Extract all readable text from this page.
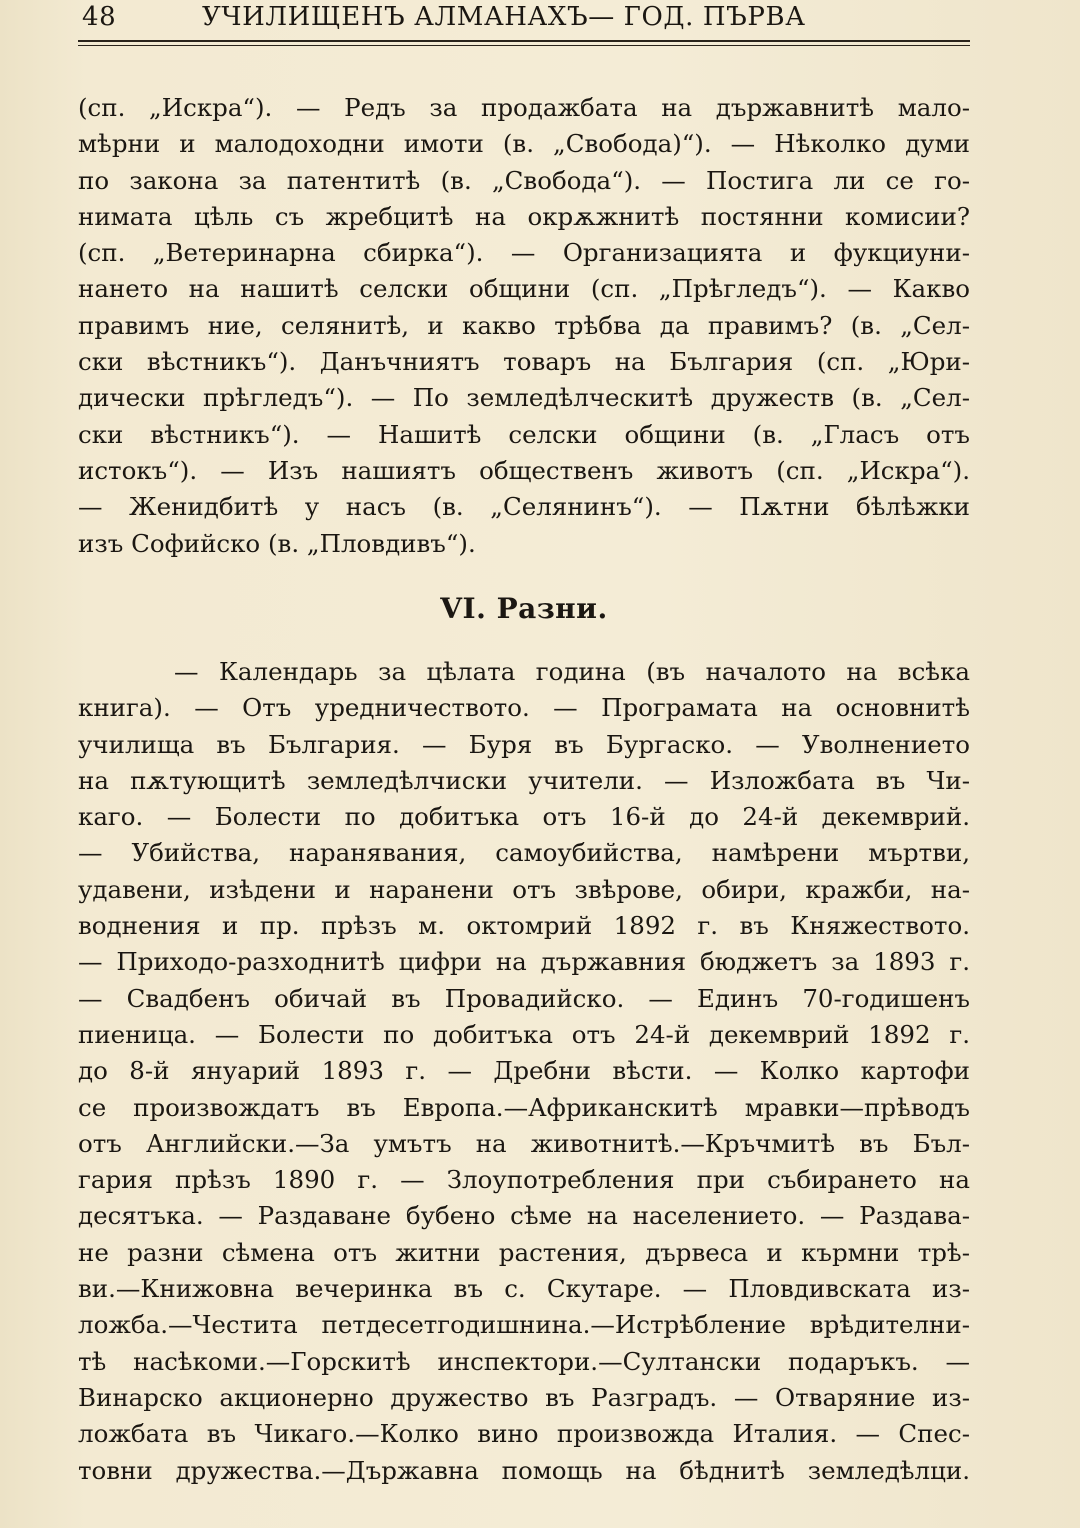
48	УЧИЛИЩЕНЪ АЛМАНАХЪ— ГОД. ПЪРВА
(сп. „Искра“). — Редъ за продажбата на държавнитѣ мало-
мѣрни и малодоходни имоти (в. „Свобода)“). — Нѣколко думи
по закона за патентитѣ (в. „Свобода“). — Постига ли се го-
нимата цѣль съ жребцитѣ на окрѫжнитѣ постянни комисии?
(сп. „Ветеринарна сбирка“). — Организацията и фукциуни-
нането на нашитѣ селски общини (сп. „Прѣгледъ“). — Какво
правимъ ние, селянитѣ, и какво трѣбва да правимъ? (в. „Сел-
ски вѣстникъ“). Данъчниятъ товаръ на България (сп. „Юри-
дически прѣгледъ“). — По земледѣлческитѣ дружеств (в. „Сел-
ски вѣстникъ“). — Нашитѣ селски общини (в. „Гласъ отъ
истокъ“). — Изъ нашиятъ общественъ животъ (сп. „Искра“).
— Женидбитѣ у насъ (в. „Селянинъ“). — Пѫтни бѣлѣжки
изъ Софийско (в. „Пловдивъ“).
VI. Разни.
— Календарь за цѣлата година (въ началото на всѣка
книга). — Отъ уредничеството. — Програмата на основнитѣ
училища въ България. — Буря въ Бургаско. — Уволнението
на пѫтующитѣ земледѣлчиски учители. — Изложбата въ Чи-
каго. — Болести по добитъка отъ 16-й до 24-й декемврий.
— Убийства, наранявания, самоубийства, намѣрени мъртви,
удавени, изѣдени и наранени отъ звѣрове, обири, кражби, на-
воднения и пр. прѣзъ м. октомрий 1892 г. въ Княжеството.
— Приходо-разходнитѣ цифри на държавния бюджетъ за 1893 г.
— Свадбенъ обичай въ Провадийско. — Единъ 70-годишенъ
пиеница. — Болести по добитъка отъ 24-й декемврий 1892 г.
до 8-й януарий 1893 г. — Дребни вѣсти. — Колко картофи
се произвождатъ въ Европа.—Африканскитѣ мравки—прѣводъ
отъ Английски.—За умътъ на животнитѣ.—Кръчмитѣ въ Бъл-
гария прѣзъ 1890 г. — Злоупотребления при събирането на
десятъка. — Раздаване бубено сѣме на населението. — Раздава-
не разни сѣмена отъ житни растения, дървеса и кърмни трѣ-
ви.—Книжовна вечеринка въ с. Скутаре. — Пловдивската из-
ложба.—Честита петдесетгодишнина.—Истрѣбление врѣдителни-
тѣ насѣкоми.—Горскитѣ инспектори.—Султански подаръкъ. —
Винарско акционерно дружество въ Разградъ. — Отваряние из-
ложбата въ Чикаго.—Колко вино произвожда Италия. — Спес-
товни дружества.—Държавна помощь на бѣднитѣ земледѣлци.
